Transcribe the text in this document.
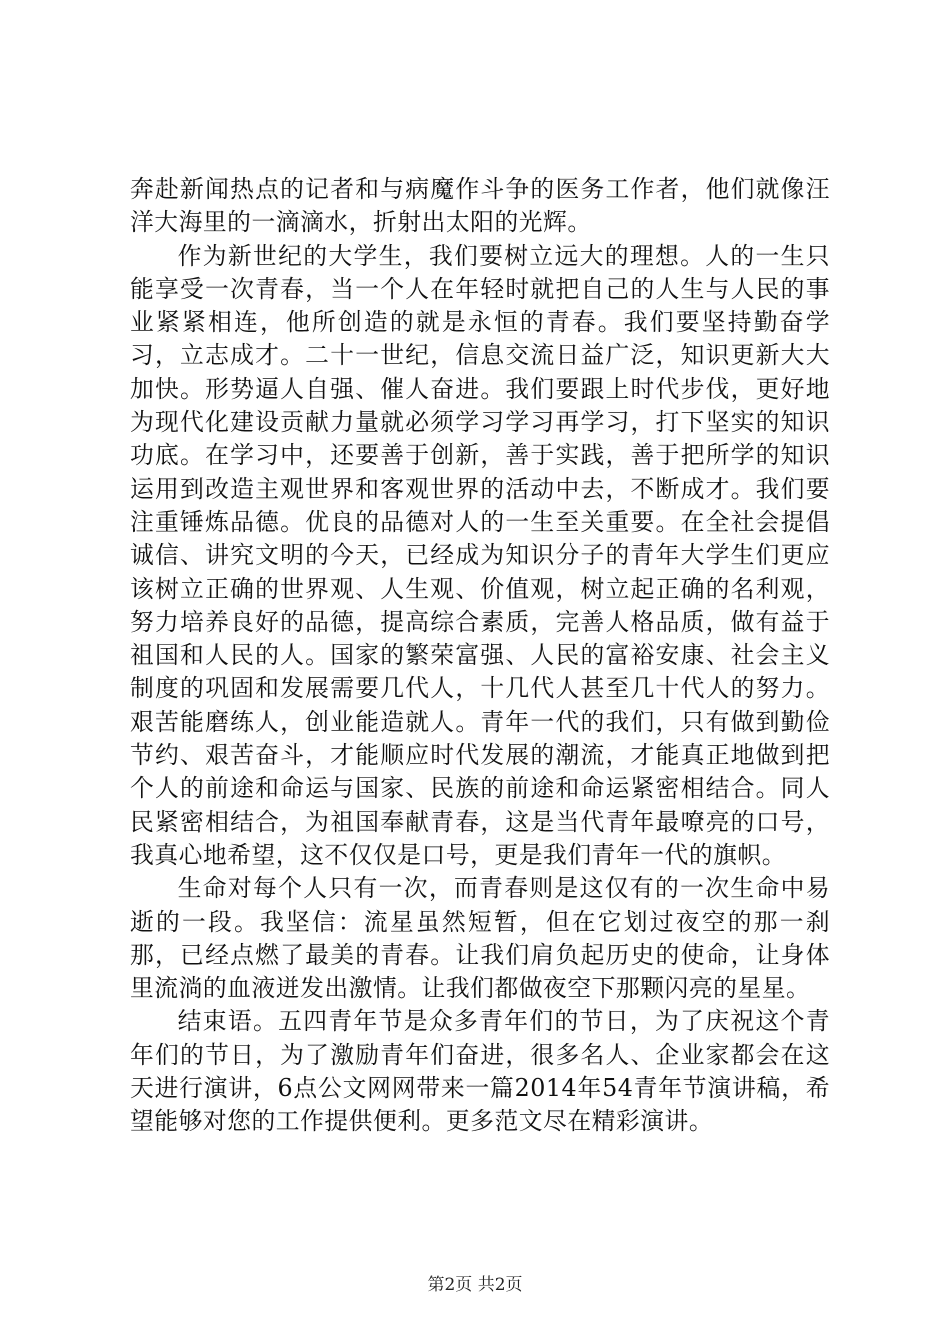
奔赴新闻热点的记者和与病魔作斗争的医务工作者，他们就像汪洋大海里的一滴滴水，折射出太阳的光辉。

作为新世纪的大学生，我们要树立远大的理想。人的一生只能享受一次青春，当一个人在年轻时就把自己的人生与人民的事业紧紧相连，他所创造的就是永恒的青春。我们要坚持勤奋学习，立志成才。二十一世纪，信息交流日益广泛，知识更新大大加快。形势逼人自强、催人奋进。我们要跟上时代步伐，更好地为现代化建设贡献力量就必须学习学习再学习，打下坚实的知识功底。在学习中，还要善于创新，善于实践，善于把所学的知识运用到改造主观世界和客观世界的活动中去，不断成才。我们要注重锤炼品德。优良的品德对人的一生至关重要。在全社会提倡诚信、讲究文明的今天，已经成为知识分子的青年大学生们更应该树立正确的世界观、人生观、价值观，树立起正确的名利观，努力培养良好的品德，提高综合素质，完善人格品质，做有益于祖国和人民的人。国家的繁荣富强、人民的富裕安康、社会主义制度的巩固和发展需要几代人，十几代人甚至几十代人的努力。艰苦能磨练人，创业能造就人。青年一代的我们，只有做到勤俭节约、艰苦奋斗，才能顺应时代发展的潮流，才能真正地做到把个人的前途和命运与国家、民族的前途和命运紧密相结合。同人民紧密相结合，为祖国奉献青春，这是当代青年最嘹亮的口号，我真心地希望，这不仅仅是口号，更是我们青年一代的旗帜。

生命对每个人只有一次，而青春则是这仅有的一次生命中易逝的一段。我坚信：流星虽然短暂，但在它划过夜空的那一刹那，已经点燃了最美的青春。让我们肩负起历史的使命，让身体里流淌的血液迸发出激情。让我们都做夜空下那颗闪亮的星星。

结束语。五四青年节是众多青年们的节日，为了庆祝这个青年们的节日，为了激励青年们奋进，很多名人、企业家都会在这天进行演讲，6点公文网网带来一篇2014年54青年节演讲稿，希望能够对您的工作提供便利。更多范文尽在精彩演讲。

第2页 共2页
